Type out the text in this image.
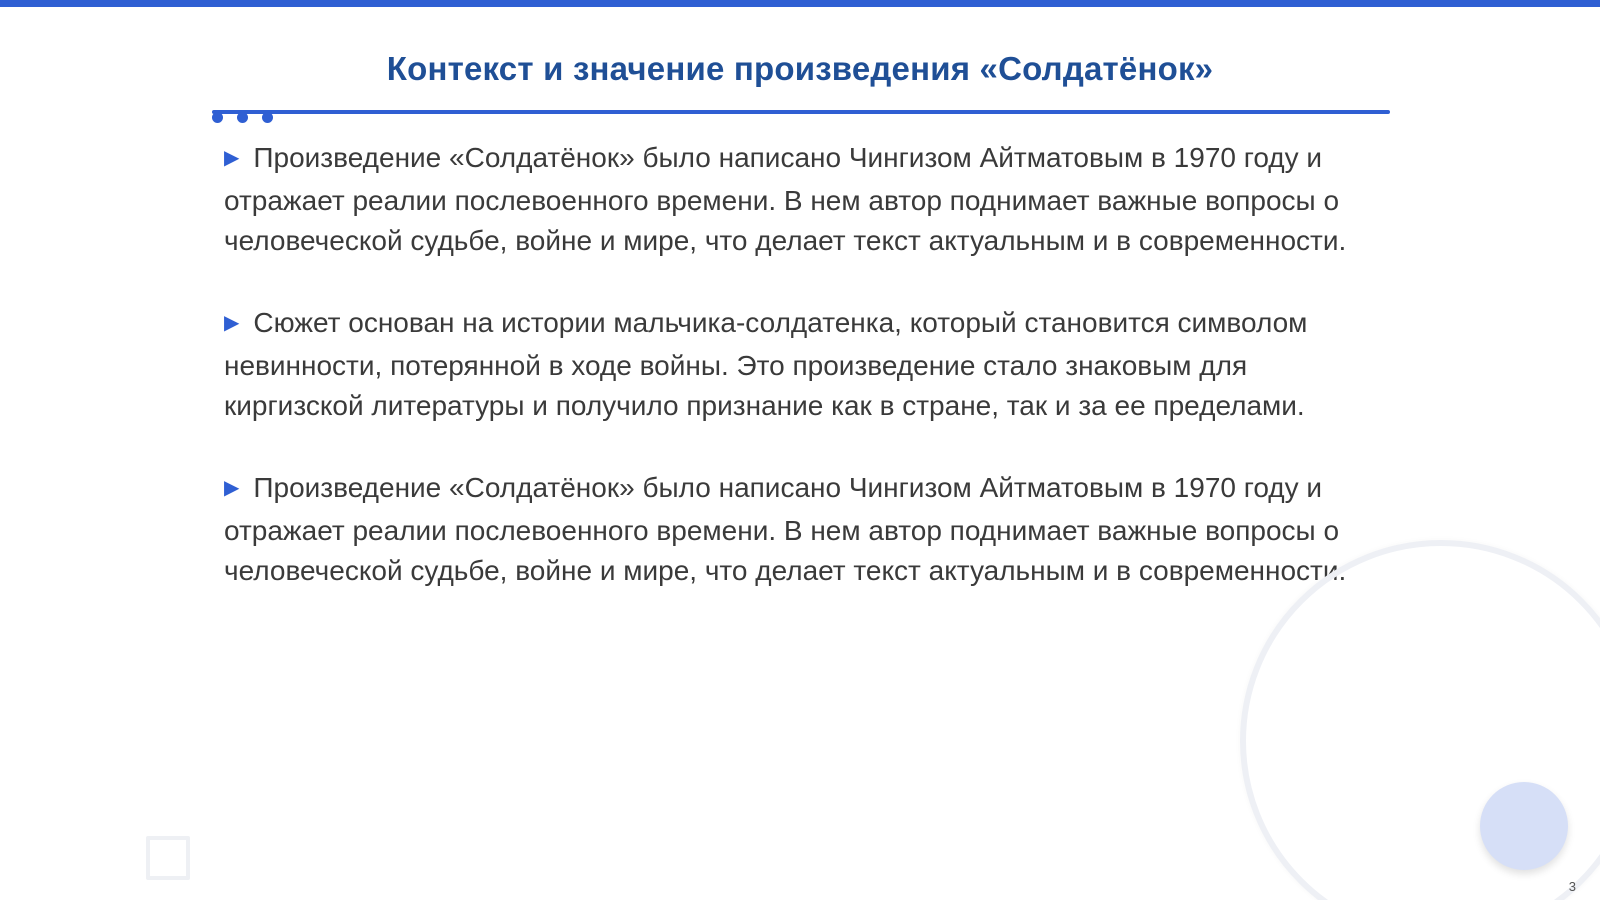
Контекст и значение произведения «Солдатёнок»

▶ Произведение «Солдатёнок» было написано Чингизом Айтматовым в 1970 году и отражает реалии послевоенного времени. В нем автор поднимает важные вопросы о человеческой судьбе, войне и мире, что делает текст актуальным и в современности.

▶ Сюжет основан на истории мальчика-солдатенка, который становится символом невинности, потерянной в ходе войны. Это произведение стало знаковым для киргизской литературы и получило признание как в стране, так и за ее пределами.

▶ Произведение «Солдатёнок» было написано Чингизом Айтматовым в 1970 году и отражает реалии послевоенного времени. В нем автор поднимает важные вопросы о человеческой судьбе, войне и мире, что делает текст актуальным и в современности.

3
